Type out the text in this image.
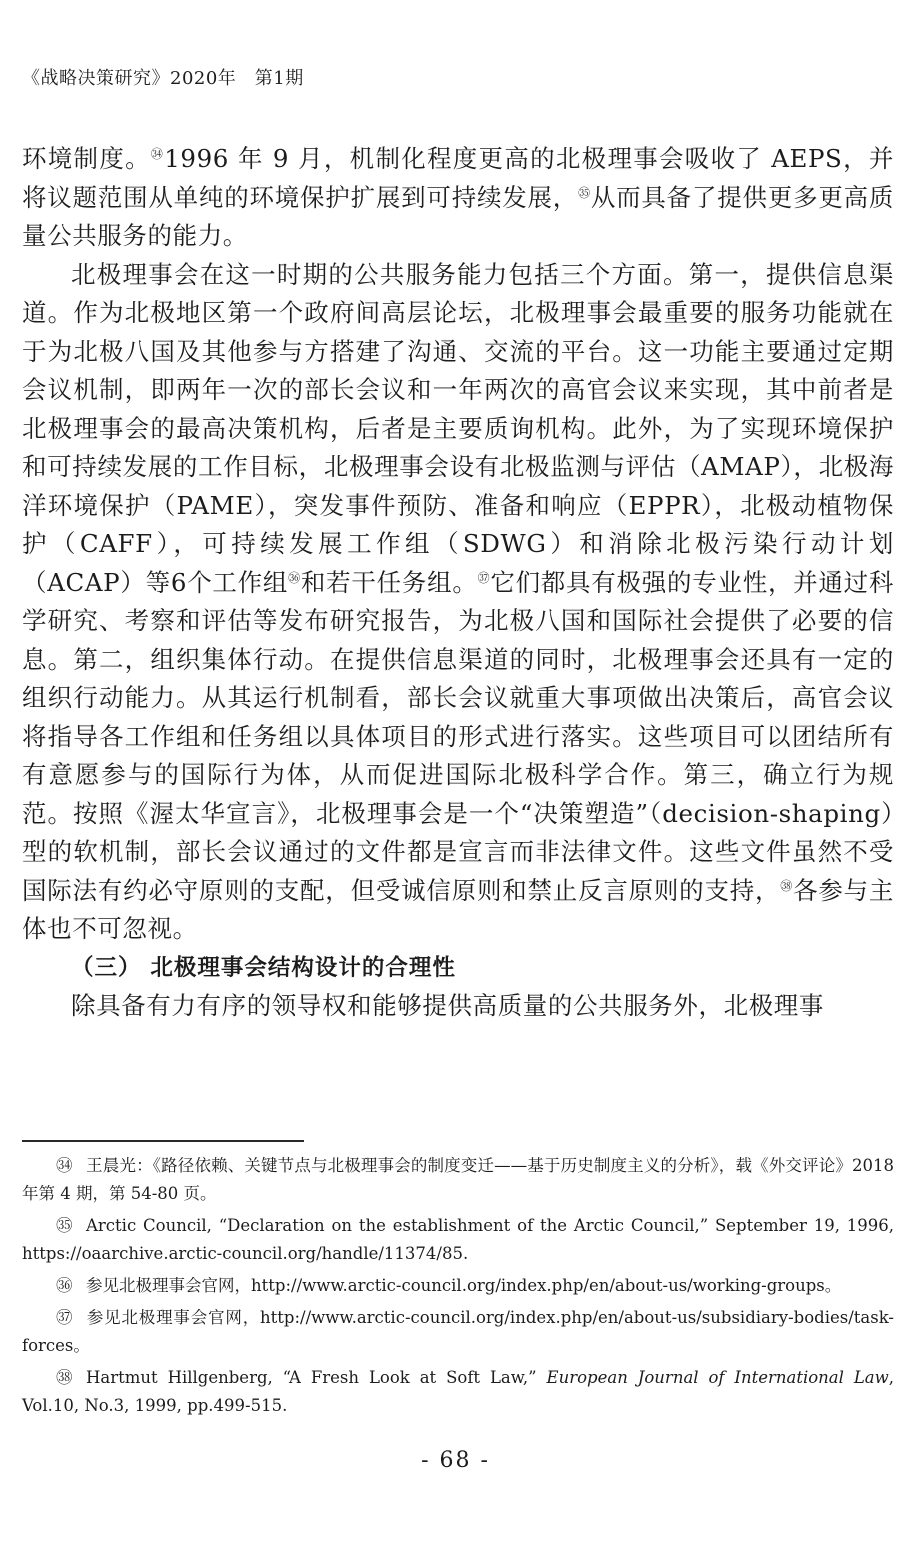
《战略决策研究》2020年　第1期

环境制度。$^㉞$1996 年 9 月，机制化程度更高的北极理事会吸收了 AEPS，并将议题范围从单纯的环境保护扩展到可持续发展，$^㉟$从而具备了提供更多更高质量公共服务的能力。

北极理事会在这一时期的公共服务能力包括三个方面。第一，提供信息渠道。作为北极地区第一个政府间高层论坛，北极理事会最重要的服务功能就在于为北极八国及其他参与方搭建了沟通、交流的平台。这一功能主要通过定期会议机制，即两年一次的部长会议和一年两次的高官会议来实现，其中前者是北极理事会的最高决策机构，后者是主要质询机构。此外，为了实现环境保护和可持续发展的工作目标，北极理事会设有北极监测与评估（AMAP），北极海洋环境保护（PAME），突发事件预防、准备和响应（EPPR），北极动植物保护（CAFF），可持续发展工作组（SDWG）和消除北极污染行动计划（ACAP）等6个工作组$^㊱$和若干任务组。$^㊲$它们都具有极强的专业性，并通过科学研究、考察和评估等发布研究报告，为北极八国和国际社会提供了必要的信息。第二，组织集体行动。在提供信息渠道的同时，北极理事会还具有一定的组织行动能力。从其运行机制看，部长会议就重大事项做出决策后，高官会议将指导各工作组和任务组以具体项目的形式进行落实。这些项目可以团结所有有意愿参与的国际行为体，从而促进国际北极科学合作。第三，确立行为规范。按照《渥太华宣言》，北极理事会是一个“决策塑造”（decision-shaping）型的软机制，部长会议通过的文件都是宣言而非法律文件。这些文件虽然不受国际法有约必守原则的支配，但受诚信原则和禁止反言原则的支持，$^㊳$各参与主体也不可忽视。

（三） 北极理事会结构设计的合理性

除具备有力有序的领导权和能够提供高质量的公共服务外，北极理事

㉞ 王晨光：《路径依赖、关键节点与北极理事会的制度变迁——基于历史制度主义的分析》，载《外交评论》2018 年第 4 期，第 54-80 页。

㉟ Arctic Council, “Declaration on the establishment of the Arctic Council,” September 19, 1996, https://oaarchive.arctic-council.org/handle/11374/85.

㊱ 参见北极理事会官网，http://www.arctic-council.org/index.php/en/about-us/working-groups。

㊲ 参见北极理事会官网，http://www.arctic-council.org/index.php/en/about-us/subsidiary-bodies/task-forces。

㊳ Hartmut Hillgenberg, “A Fresh Look at Soft Law,” European Journal of International Law, Vol.10, No.3, 1999, pp.499-515.

- 68 -
